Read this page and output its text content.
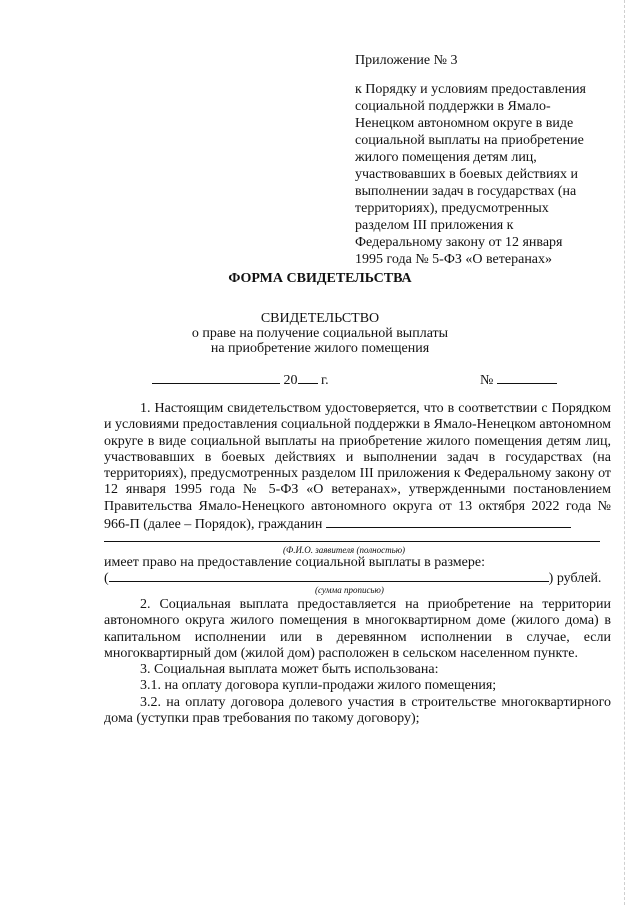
Приложение № 3
к Порядку и условиям предоставления
социальной поддержки в Ямало-
Ненецком автономном округе в виде
социальной выплаты на приобретение
жилого помещения детям лиц,
участвовавших в боевых действиях и
выполнении задач в государствах (на
территориях), предусмотренных
разделом III приложения к
Федеральному закону от 12 января
1995 года № 5-ФЗ «О ветеранах»
ФОРМА СВИДЕТЕЛЬСТВА
СВИДЕТЕЛЬСТВО
о праве на получение социальной выплаты
на приобретение жилого помещения
20 г.	№

1. Настоящим свидетельством удостоверяется, что в соответствии с Порядком и условиями предоставления социальной поддержки в Ямало-Ненецком автономном округе в виде социальной выплаты на приобретение жилого помещения детям лиц, участвовавших в боевых действиях и выполнении задач в государствах (на территориях), предусмотренных разделом III приложения к Федеральному закону от 12 января 1995 года № 5-ФЗ «О ветеранах», утвержденными постановлением Правительства Ямало-Ненецкого автономного округа от 13 октября 2022 года № 966-П (далее – Порядок), гражданин

(Ф.И.О. заявителя (полностью)
имеет право на предоставление социальной выплаты в размере:
(	) рублей.
(сумма прописью)

2. Социальная выплата предоставляется на приобретение на территории автономного округа жилого помещения в многоквартирном доме (жилого дома) в капитальном исполнении или в деревянном исполнении в случае, если многоквартирный дом (жилой дом) расположен в сельском населенном пункте.

3. Социальная выплата может быть использована:

3.1. на оплату договора купли-продажи жилого помещения;

3.2. на оплату договора долевого участия в строительстве многоквартирного дома (уступки прав требования по такому договору);
